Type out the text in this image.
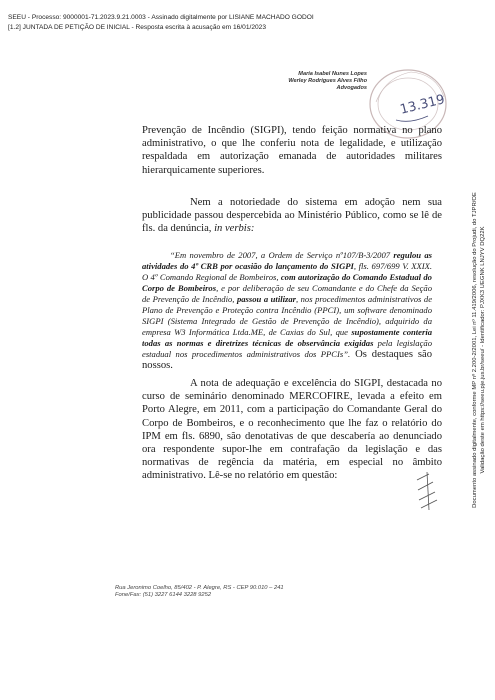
SEEU - Processo: 9000001-71.2023.9.21.0003 - Assinado digitalmente por LISIANE MACHADO GODOI
[1.2] JUNTADA DE PETIÇÃO DE INICIAL - Resposta escrita à acusação em 16/01/2023
Maria Isabel Nunes Lopes
Werley Rodrigues Alves Filho
Advogados
13.319
Documento assinado digitalmente, conforme MP nº 2.200-2/2001, Lei nº 11.419/2006, resolução do Projudi, do TJPR/OE Validação deste em https://seeu.pje.jus.br/seeu/ - Identificador: PJXK3 UEGNK LNJYV DQ22K
Prevenção de Incêndio (SIGPI), tendo feição normativa no plano administrativo, o que lhe conferiu nota de legalidade, e utilização respaldada em autorização emanada de autoridades militares hierarquicamente superiores.
Nem a notoriedade do sistema em adoção nem sua publicidade passou despercebida ao Ministério Público, como se lê de fls. da denúncia, in verbis:
“Em novembro de 2007, a Ordem de Serviço nº107/B-3/2007 regulou as atividades do 4º CRB por ocasião do lançamento do SIGPI, fls. 697/699 V. XXIX. O 4º Comando Regional de Bombeiros, com autorização do Comando Estadual do Corpo de Bombeiros, e por deliberação de seu Comandante e do Chefe da Seção de Prevenção de Incêndio, passou a utilizar, nos procedimentos administrativos de Plano de Prevenção e Proteção contra Incêndio (PPCI), um software denominado SIGPI (Sistema Integrado de Gestão de Prevenção de Incêndio), adquirido da empresa W3 Informática Ltda.ME, de Caxias do Sul, que supostamente conteria todas as normas e diretrizes técnicas de observância exigidas pela legislação estadual nos procedimentos administrativos dos PPCIs”. Os destaques são nossos.
A nota de adequação e excelência do SIGPI, destacada no curso de seminário denominado MERCOFIRE, levada a efeito em Porto Alegre, em 2011, com a participação do Comandante Geral do Corpo de Bombeiros, e o reconhecimento que lhe faz o relatório do IPM em fls. 6890, são denotativas de que descabería ao denunciado ora respondente supor-lhe em contrafação da legislação e das normativas de regência da matéria, em especial no âmbito administrativo. Lê-se no relatório em questão:
Rua Jeronimo Coelho, 85/402 - P. Alegre, RS - CEP 90.010 – 241
Fone/Fax: (51) 3227 6144 3228 9252
